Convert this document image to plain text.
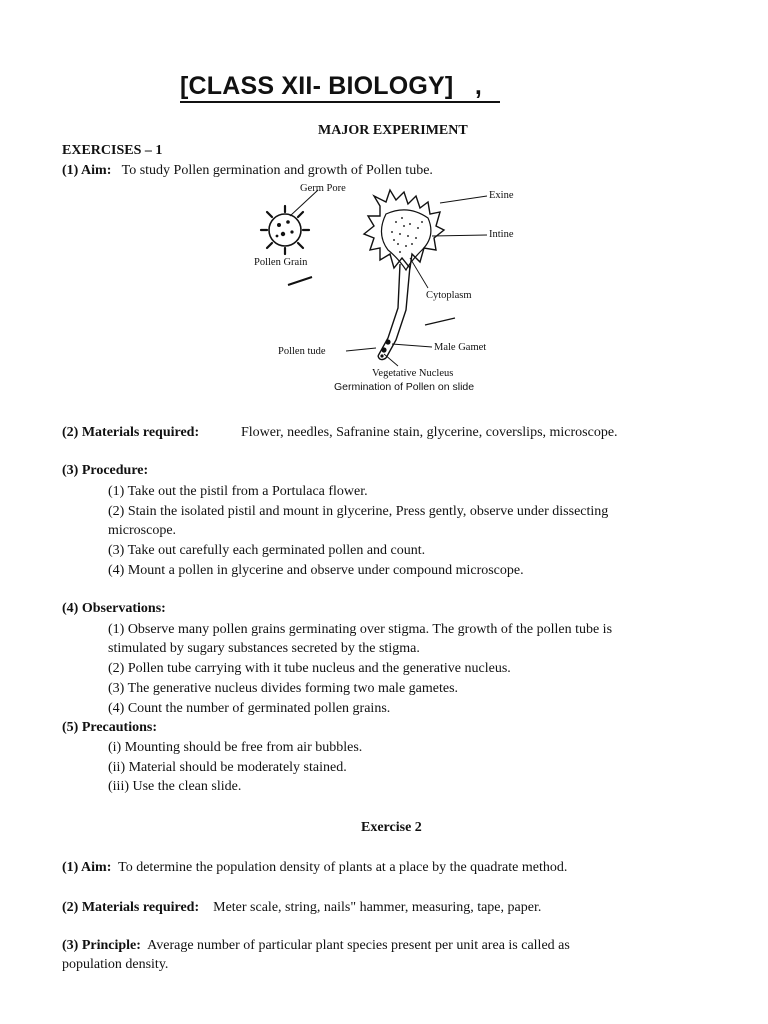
[CLASS XII- BIOLOGY] ,
MAJOR EXPERIMENT
EXERCISES – 1
(1) Aim: To study Pollen germination and growth of Pollen tube.
Germ Pore
Exine
Intine
Pollen Grain
Cytoplasm
Pollen tude	Male Gamet
Vegetative Nucleus
Germination of Pollen on slide
(2) Materials required:	Flower, needles, Safranine stain, glycerine, coverslips, microscope.
(3) Procedure:
(1) Take out the pistil from a Portulaca flower.
(2) Stain the isolated pistil and mount in glycerine, Press gently, observe under dissecting
microscope.
(3) Take out carefully each germinated pollen and count.
(4) Mount a pollen in glycerine and observe under compound microscope.
(4) Observations:
(1) Observe many pollen grains germinating over stigma. The growth of the pollen tube is
stimulated by sugary substances secreted by the stigma.
(2) Pollen tube carrying with it tube nucleus and the generative nucleus.
(3) The generative nucleus divides forming two male gametes.
(4) Count the number of germinated pollen grains.
(5) Precautions:
(i) Mounting should be free from air bubbles.
(ii) Material should be moderately stained.
(iii) Use the clean slide.
Exercise 2
(1) Aim: To determine the population density of plants at a place by the quadrate method.
(2) Materials required: Meter scale, string, nails" hammer, measuring, tape, paper.
(3) Principle: Average number of particular plant species present per unit area is called as
population density.
